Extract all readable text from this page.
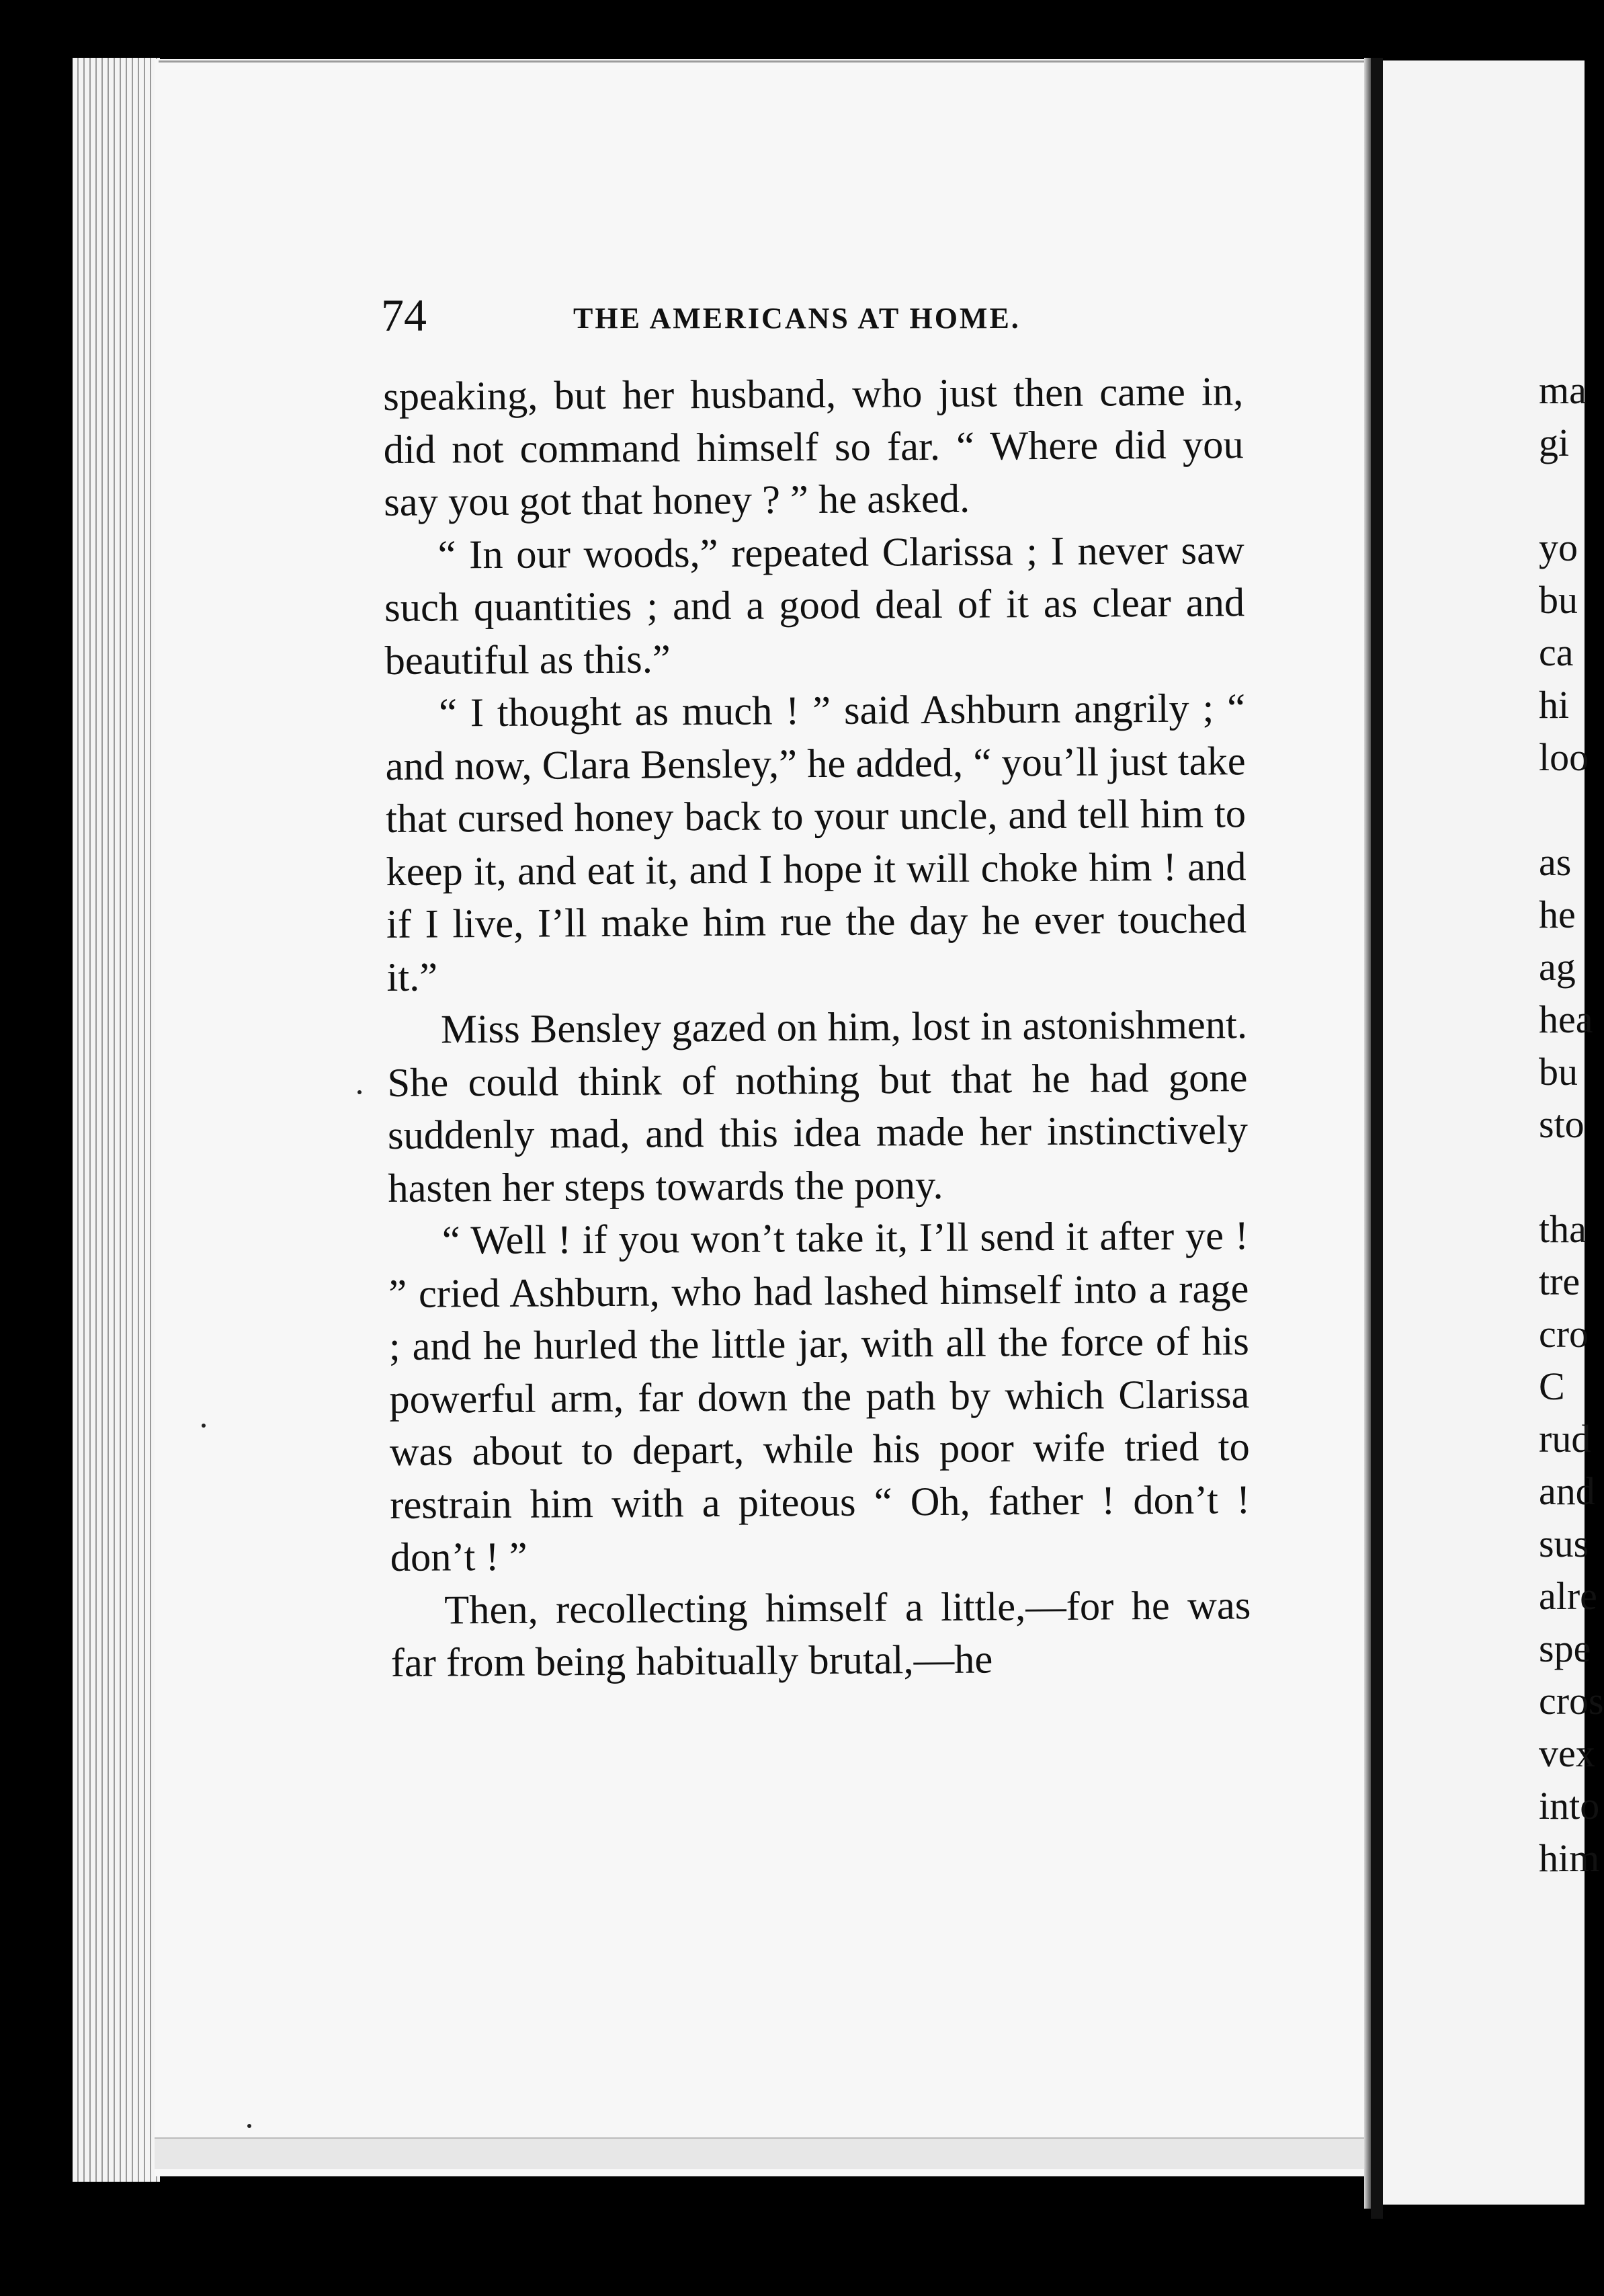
74	THE AMERICANS AT HOME.

speaking, but her husband, who just then came in, did not command himself so far. “ Where did you say you got that honey ? ” he asked.

“ In our woods,” repeated Clarissa ; I never saw such quantities ; and a good deal of it as clear and beautiful as this.”

“ I thought as much ! ” said Ashburn angrily ; “ and now, Clara Bensley,” he added, “ you’ll just take that cursed honey back to your uncle, and tell him to keep it, and eat it, and I hope it will choke him ! and if I live, I’ll make him rue the day he ever touched it.”

Miss Bensley gazed on him, lost in astonishment. She could think of nothing but that he had gone suddenly mad, and this idea made her instinctively hasten her steps towards the pony.

“ Well ! if you won’t take it, I’ll send it after ye ! ” cried Ashburn, who had lashed himself into a rage ; and he hurled the little jar, with all the force of his powerful arm, far down the path by which Clarissa was about to depart, while his poor wife tried to restrain him with a piteous “ Oh, father ! don’t ! don’t ! ”

Then, recollecting himself a little,—for he was far from being habitually brutal,—he

ma
gi
yo
bu
ca
hi
loo
as
he
ag
hea
bu
sto
tha
tre
cro
C
rud
and
sus
alre
spe
cros
vex
into
him
